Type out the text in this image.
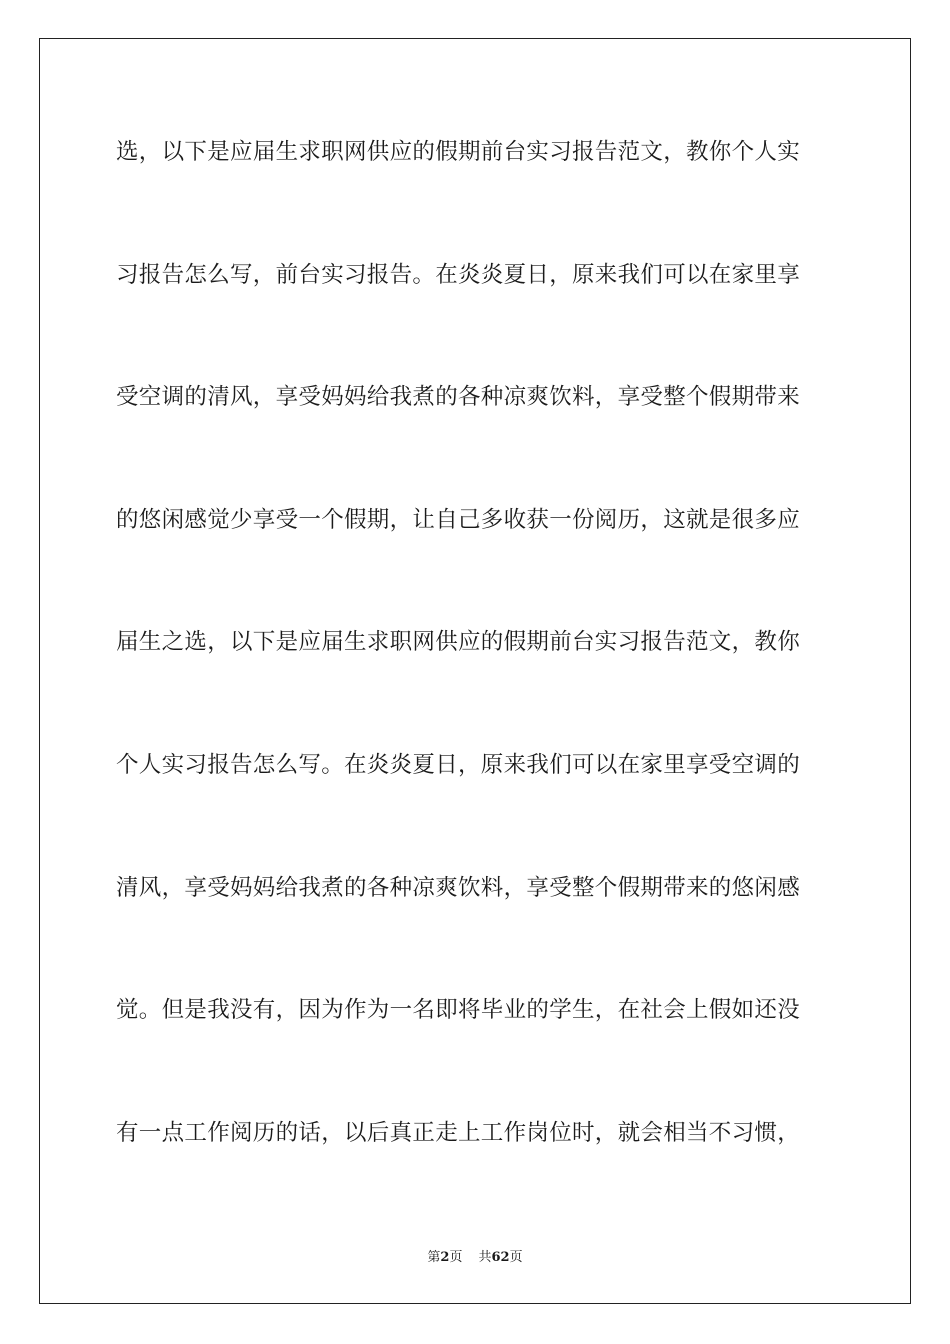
选，以下是应届生求职网供应的假期前台实习报告范文，教你个人实
习报告怎么写，前台实习报告。在炎炎夏日，原来我们可以在家里享
受空调的清风，享受妈妈给我煮的各种凉爽饮料，享受整个假期带来
的悠闲感觉少享受一个假期，让自己多收获一份阅历，这就是很多应
届生之选，以下是应届生求职网供应的假期前台实习报告范文，教你
个人实习报告怎么写。在炎炎夏日，原来我们可以在家里享受空调的
清风，享受妈妈给我煮的各种凉爽饮料，享受整个假期带来的悠闲感
觉。但是我没有，因为作为一名即将毕业的学生，在社会上假如还没
有一点工作阅历的话，以后真正走上工作岗位时，就会相当不习惯，
第2页 共62页
